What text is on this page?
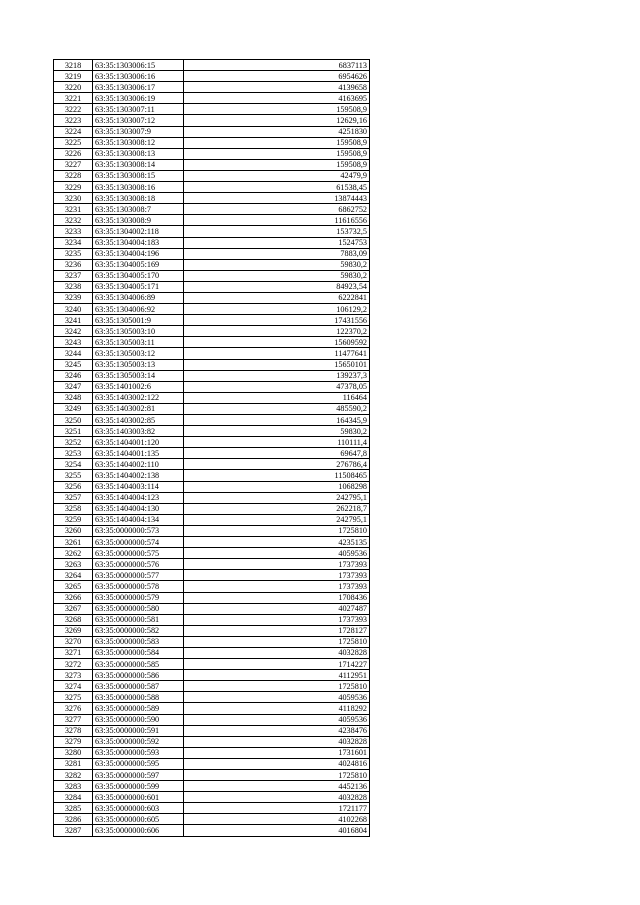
3218	63:35:1303006:15	6837113
3219	63:35:1303006:16	6954626
3220	63:35:1303006:17	4139658
3221	63:35:1303006:19	4163695
3222	63:35:1303007:11	159508,9
3223	63:35:1303007:12	12629,16
3224	63:35:1303007:9	4251830
3225	63:35:1303008:12	159508,9
3226	63:35:1303008:13	159508,9
3227	63:35:1303008:14	159508,9
3228	63:35:1303008:15	42479,9
3229	63:35:1303008:16	61538,45
3230	63:35:1303008:18	13874443
3231	63:35:1303008:7	6862752
3232	63:35:1303008:9	11616556
3233	63:35:1304002:118	153732,5
3234	63:35:1304004:183	1524753
3235	63:35:1304004:196	7883,09
3236	63:35:1304005:169	59830,2
3237	63:35:1304005:170	59830,2
3238	63:35:1304005:171	84923,54
3239	63:35:1304006:89	6222841
3240	63:35:1304006:92	106129,2
3241	63:35:1305001:9	17431556
3242	63:35:1305003:10	122370,2
3243	63:35:1305003:11	15609592
3244	63:35:1305003:12	11477641
3245	63:35:1305003:13	15650101
3246	63:35:1305003:14	139237,3
3247	63:35:1401002:6	47378,05
3248	63:35:1403002:122	116464
3249	63:35:1403002:81	485590,2
3250	63:35:1403002:85	164345,9
3251	63:35:1403003:82	59830,2
3252	63:35:1404001:120	110111,4
3253	63:35:1404001:135	69647,8
3254	63:35:1404002:110	276786,4
3255	63:35:1404002:138	11508465
3256	63:35:1404003:114	1068298
3257	63:35:1404004:123	242795,1
3258	63:35:1404004:130	262218,7
3259	63:35:1404004:134	242795,1
3260	63:35:0000000:573	1725810
3261	63:35:0000000:574	4235135
3262	63:35:0000000:575	4059536
3263	63:35:0000000:576	1737393
3264	63:35:0000000:577	1737393
3265	63:35:0000000:578	1737393
3266	63:35:0000000:579	1708436
3267	63:35:0000000:580	4027487
3268	63:35:0000000:581	1737393
3269	63:35:0000000:582	1728127
3270	63:35:0000000:583	1725810
3271	63:35:0000000:584	4032828
3272	63:35:0000000:585	1714227
3273	63:35:0000000:586	4112951
3274	63:35:0000000:587	1725810
3275	63:35:0000000:588	4059536
3276	63:35:0000000:589	4118292
3277	63:35:0000000:590	4059536
3278	63:35:0000000:591	4238476
3279	63:35:0000000:592	4032828
3280	63:35:0000000:593	1731601
3281	63:35:0000000:595	4024816
3282	63:35:0000000:597	1725810
3283	63:35:0000000:599	4452136
3284	63:35:0000000:601	4032828
3285	63:35:0000000:603	1721177
3286	63:35:0000000:605	4102268
3287	63:35:0000000:606	4016804
